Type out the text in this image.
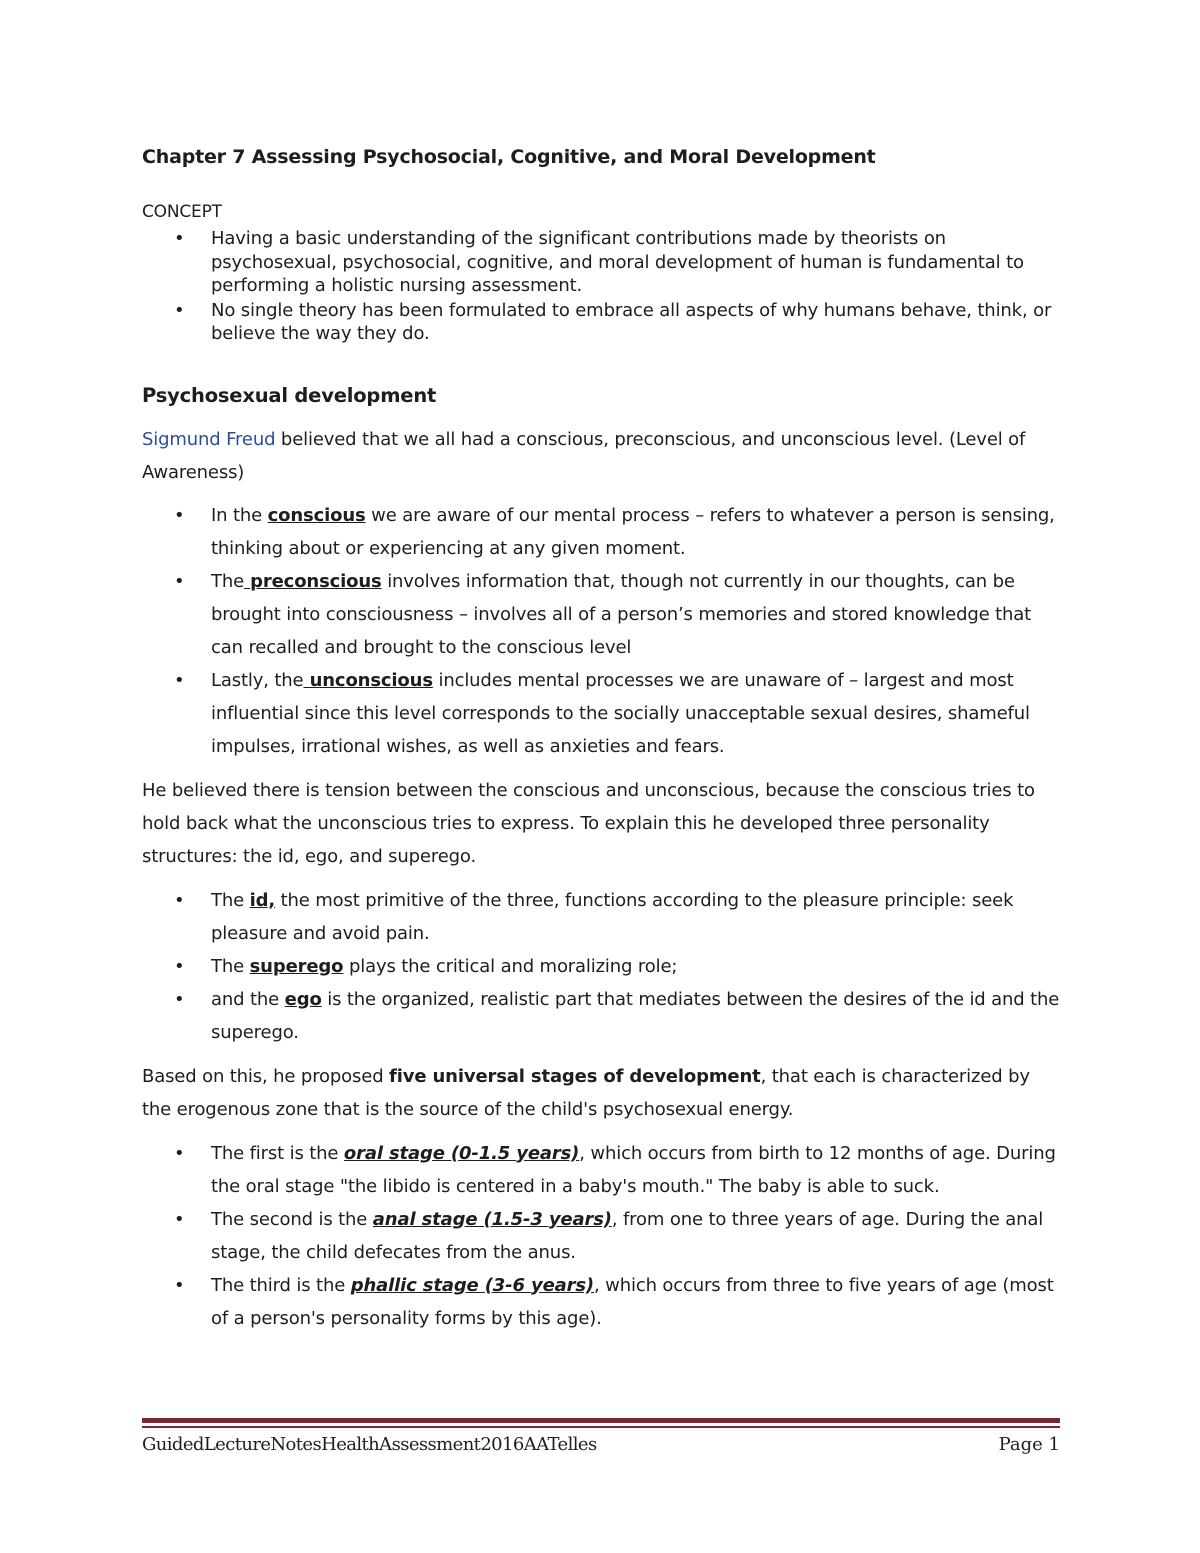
Chapter 7 Assessing Psychosocial, Cognitive, and Moral Development
CONCEPT
• Having a basic understanding of the significant contributions made by theorists on psychosexual, psychosocial, cognitive, and moral development of human is fundamental to performing a holistic nursing assessment.
• No single theory has been formulated to embrace all aspects of why humans behave, think, or believe the way they do.
Psychosexual development

Sigmund Freud believed that we all had a conscious, preconscious, and unconscious level. (Level of Awareness)

• In the conscious we are aware of our mental process – refers to whatever a person is sensing, thinking about or experiencing at any given moment.
• The preconscious involves information that, though not currently in our thoughts, can be brought into consciousness – involves all of a person’s memories and stored knowledge that can recalled and brought to the conscious level
• Lastly, the unconscious includes mental processes we are unaware of – largest and most influential since this level corresponds to the socially unacceptable sexual desires, shameful impulses, irrational wishes, as well as anxieties and fears.

He believed there is tension between the conscious and unconscious, because the conscious tries to hold back what the unconscious tries to express. To explain this he developed three personality structures: the id, ego, and superego.

• The id, the most primitive of the three, functions according to the pleasure principle: seek pleasure and avoid pain.
• The superego plays the critical and moralizing role;
• and the ego is the organized, realistic part that mediates between the desires of the id and the superego.

Based on this, he proposed five universal stages of development, that each is characterized by the erogenous zone that is the source of the child's psychosexual energy.

• The first is the oral stage (0-1.5 years), which occurs from birth to 12 months of age. During the oral stage "the libido is centered in a baby's mouth." The baby is able to suck.
• The second is the anal stage (1.5-3 years), from one to three years of age. During the anal stage, the child defecates from the anus.
• The third is the phallic stage (3-6 years), which occurs from three to five years of age (most of a person's personality forms by this age).
GuidedLectureNotesHealthAssessment2016AATelles	Page 1
